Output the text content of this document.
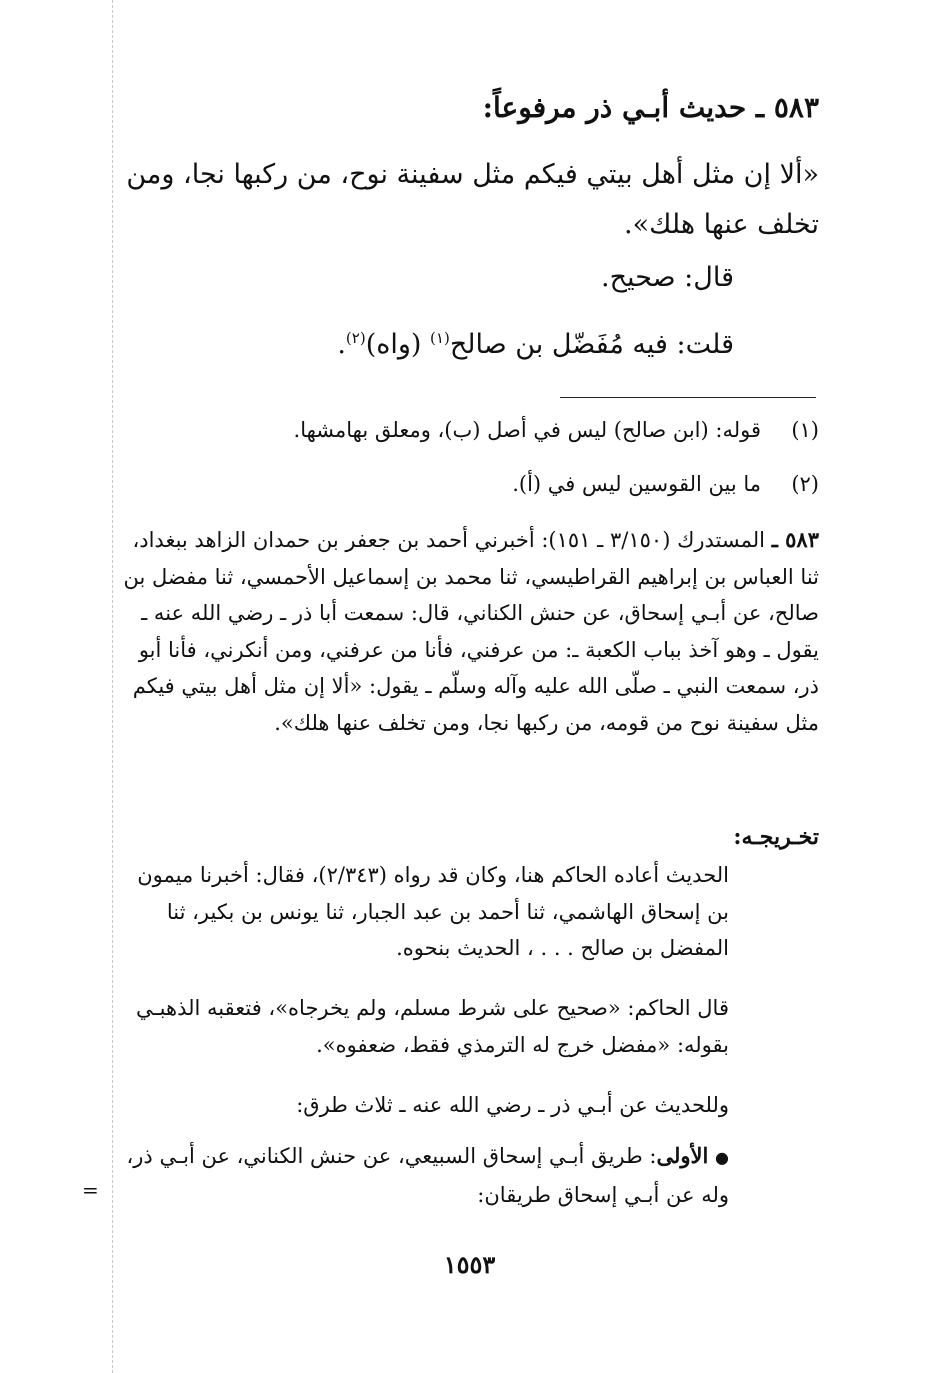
=

٥٨٣ ـ حديث أبـي ذر مرفوعاً:

«ألا إن مثل أهل بيتي فيكم مثل سفينة نوح، من ركبها نجا، ومن تخلف عنها هلك».

قال: صحيح.

قلت: فيه مُفَضّل بن صالح$^{(١)}$ (واه)$^{(٢)}$.

(١)قوله: (ابن صالح) ليس في أصل (ب)، ومعلق بهامشها.

(٢)ما بين القوسين ليس في (أ).

٥٨٣ ـ المستدرك (٣/١٥٠ ـ ١٥١): أخبرني أحمد بن جعفر بن حمدان الزاهد ببغداد، ثنا العباس بن إبراهيم القراطيسي، ثنا محمد بن إسماعيل الأحمسي، ثنا مفضل بن صالح، عن أبـي إسحاق، عن حنش الكناني، قال: سمعت أبا ذر ـ رضي الله عنه ـ يقول ـ وهو آخذ بباب الكعبة ـ: من عرفني، فأنا من عرفني، ومن أنكرني، فأنا أبو ذر، سمعت النبي ـ صلّى الله عليه وآله وسلّم ـ يقول: «ألا إن مثل أهل بيتي فيكم مثل سفينة نوح من قومه، من ركبها نجا، ومن تخلف عنها هلك».

تخـريجـه:

الحديث أعاده الحاكم هنا، وكان قد رواه (٢/٣٤٣)، فقال: أخبرنا ميمون بن إسحاق الهاشمي، ثنا أحمد بن عبد الجبار، ثنا يونس بن بكير، ثنا المفضل بن صالح . . . ، الحديث بنحوه.

قال الحاكم: «صحيح على شرط مسلم، ولم يخرجاه»، فتعقبه الذهبـي بقوله: «مفضل خرج له الترمذي فقط، ضعفوه».

وللحديث عن أبـي ذر ـ رضي الله عنه ـ ثلاث طرق:

● الأولى: طريق أبـي إسحاق السبيعي، عن حنش الكناني، عن أبـي ذر، وله عن أبـي إسحاق طريقان:

١٥٥٣
